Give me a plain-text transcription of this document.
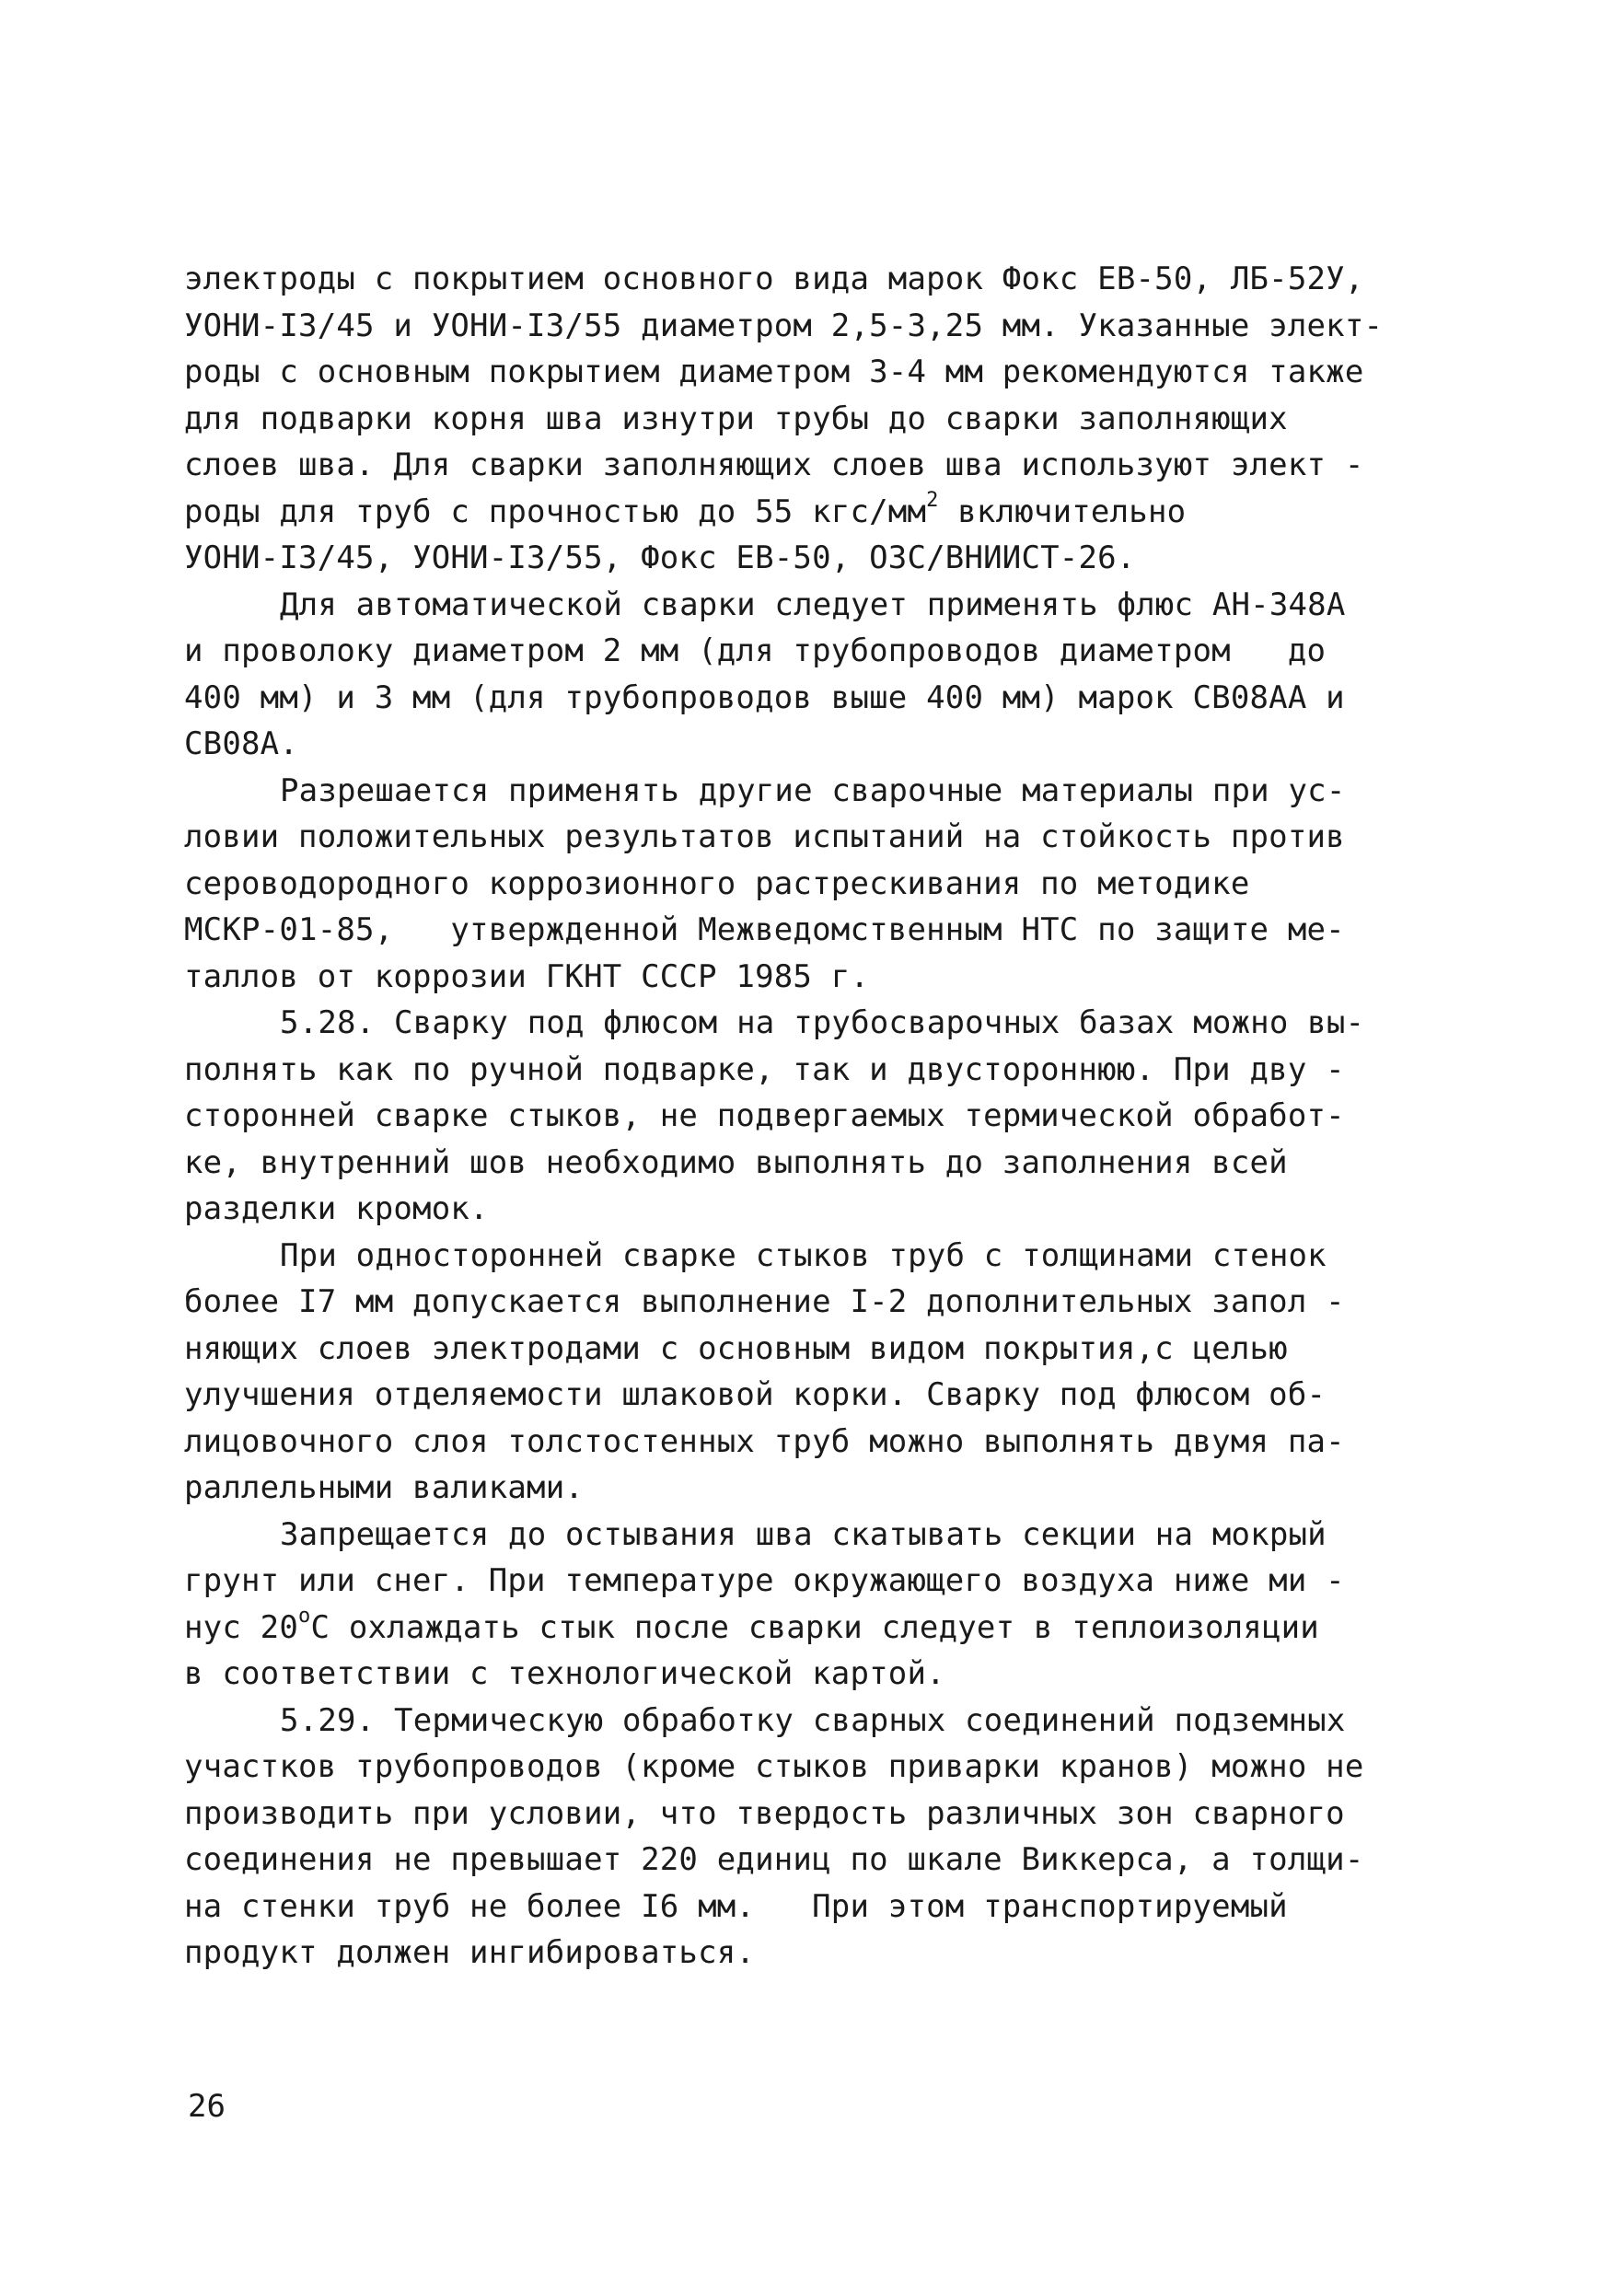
электроды с покрытием основного вида марок Фокс ЕВ-50, ЛБ-52У,
УОНИ-I3/45 и УОНИ-I3/55 диаметром 2,5-3,25 мм. Указанные элект-
роды с основным покрытием диаметром 3-4 мм рекомендуются также
для подварки корня шва изнутри трубы до сварки заполняющих
слоев шва. Для сварки заполняющих слоев шва используют элект -
роды для труб с прочностью до 55 кгс/$мм^2$ включительно
УОНИ-I3/45, УОНИ-I3/55, Фокс ЕВ-50, ОЗС/ВНИИСТ-26.
Для автоматической сварки следует применять флюс АН-348А
и проволоку диаметром 2 мм (для трубопроводов диаметром   до
400 мм) и 3 мм (для трубопроводов выше 400 мм) марок СВ08АА и
СВ08А.
Разрешается применять другие сварочные материалы при ус-
ловии положительных результатов испытаний на стойкость против
сероводородного коррозионного растрескивания по методике
МСКР-01-85,   утвержденной Межведомственным НТС по защите ме-
таллов от коррозии ГКНТ СССР 1985 г.
5.28. Сварку под флюсом на трубосварочных базах можно вы-
полнять как по ручной подварке, так и двустороннюю. При дву -
сторонней сварке стыков, не подвергаемых термической обработ-
ке, внутренний шов необходимо выполнять до заполнения всей
разделки кромок.
При односторонней сварке стыков труб с толщинами стенок
более I7 мм допускается выполнение I-2 дополнительных запол -
няющих слоев электродами с основным видом покрытия,с целью
улучшения отделяемости шлаковой корки. Сварку под флюсом об-
лицовочного слоя толстостенных труб можно выполнять двумя па-
раллельными валиками.
Запрещается до остывания шва скатывать секции на мокрый
грунт или снег. При температуре окружающего воздуха ниже ми -
нус $20^оС$ охлаждать стык после сварки следует в теплоизоляции
в соответствии с технологической картой.
5.29. Термическую обработку сварных соединений подземных
участков трубопроводов (кроме стыков приварки кранов) можно не
производить при условии, что твердость различных зон сварного
соединения не превышает 220 единиц по шкале Виккерса, а толщи-
на стенки труб не более I6 мм.   При этом транспортируемый
продукт должен ингибироваться.
26
